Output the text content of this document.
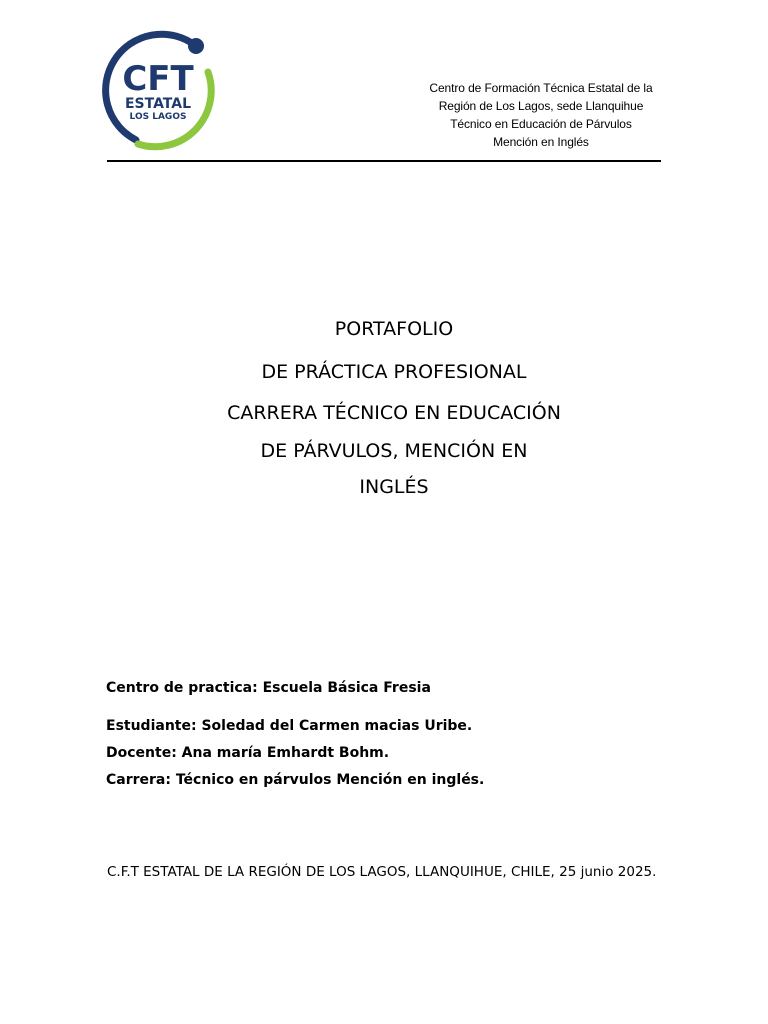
CFT
ESTATAL
LOS LAGOS
Centro de Formación Técnica Estatal de la
Región de Los Lagos, sede Llanquihue
Técnico en Educación de Párvulos
Mención en Inglés
PORTAFOLIO
DE PRÁCTICA PROFESIONAL
CARRERA TÉCNICO EN EDUCACIÓN
DE PÁRVULOS, MENCIÓN EN
INGLÉS
Centro de practica: Escuela Básica Fresia
Estudiante: Soledad del Carmen macias Uribe.
Docente: Ana maría Emhardt Bohm.
Carrera: Técnico en párvulos Mención en inglés.
C.F.T ESTATAL DE LA REGIÓN DE LOS LAGOS, LLANQUIHUE, CHILE, 25 junio 2025.
